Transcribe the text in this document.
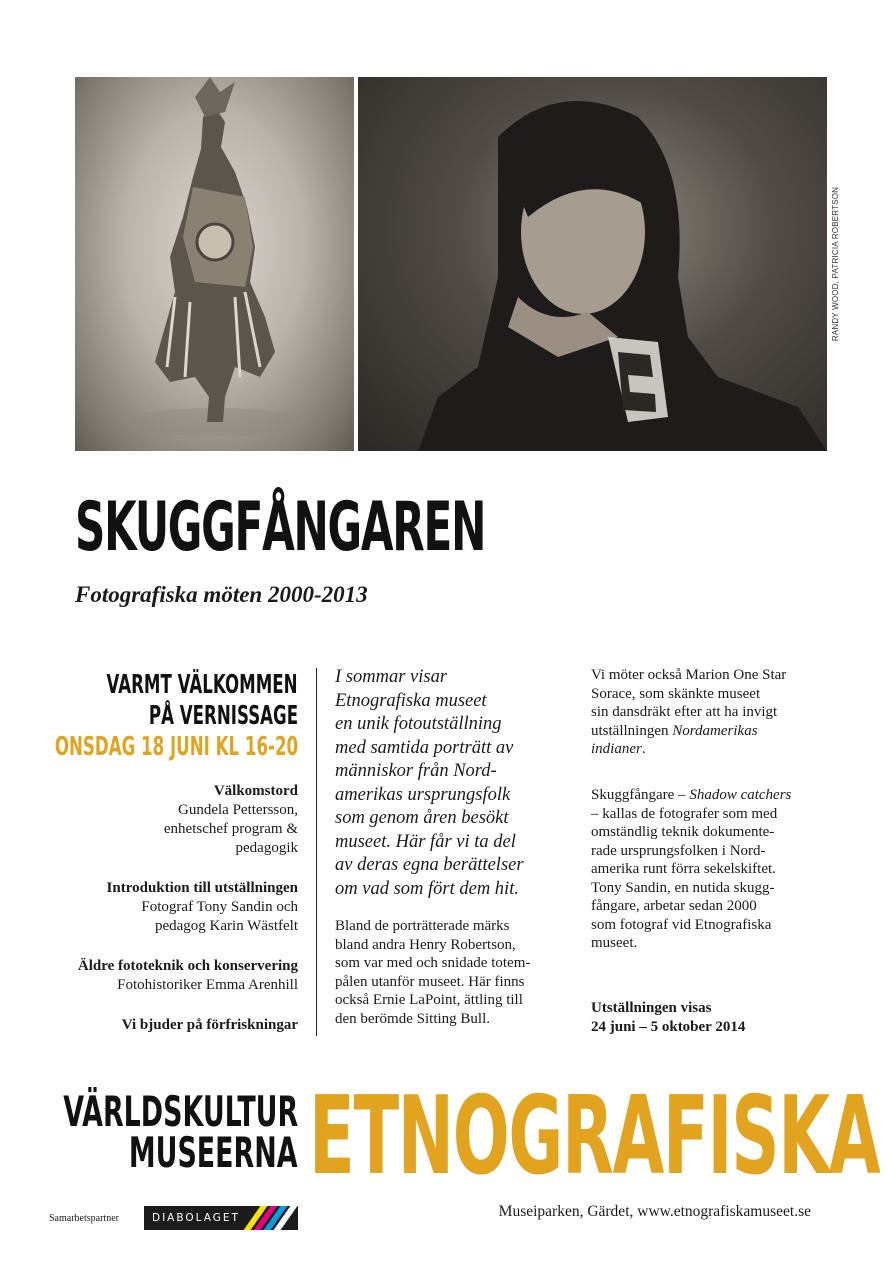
RANDY WOOD, PATRICIA ROBERTSON
SKUGGFÅNGAREN
Fotografiska möten 2000-2013
VARMT VÄLKOMMEN
PÅ VERNISSAGE
ONSDAG 18 JUNI KL 16-20
Välkomstord
Gundela Pettersson,
enhetschef program &
pedagogik
Introduktion till utställningen
Fotograf Tony Sandin och
pedagog Karin Wästfelt
Äldre fototeknik och konservering
Fotohistoriker Emma Arenhill
Vi bjuder på förfriskningar
I sommar visar
Etnografiska museet
en unik fotoutställning
med samtida porträtt av
människor från Nord-
amerikas ursprungsfolk
som genom åren besökt
museet. Här får vi ta del
av deras egna berättelser
om vad som fört dem hit.
Bland de porträtterade märks
bland andra Henry Robertson,
som var med och snidade totem-
pålen utanför museet. Här finns
också Ernie LaPoint, ättling till
den berömde Sitting Bull.
Vi möter också Marion One Star
Sorace, som skänkte museet
sin dansdräkt efter att ha invigt
utställningen Nordamerikas
indianer.
Skuggfångare – Shadow catchers
– kallas de fotografer som med
omständlig teknik dokumente-
rade ursprungsfolken i Nord-
amerika runt förra sekelskiftet.
Tony Sandin, en nutida skugg-
fångare, arbetar sedan 2000
som fotograf vid Etnografiska
museet.
Utställningen visas
24 juni – 5 oktober 2014
VÄRLDSKULTUR
MUSEERNA ETNOGRAFISKA
Museiparken, Gärdet, www.etnografiskamuseet.se
Samarbetspartner	DIABOLAGET
